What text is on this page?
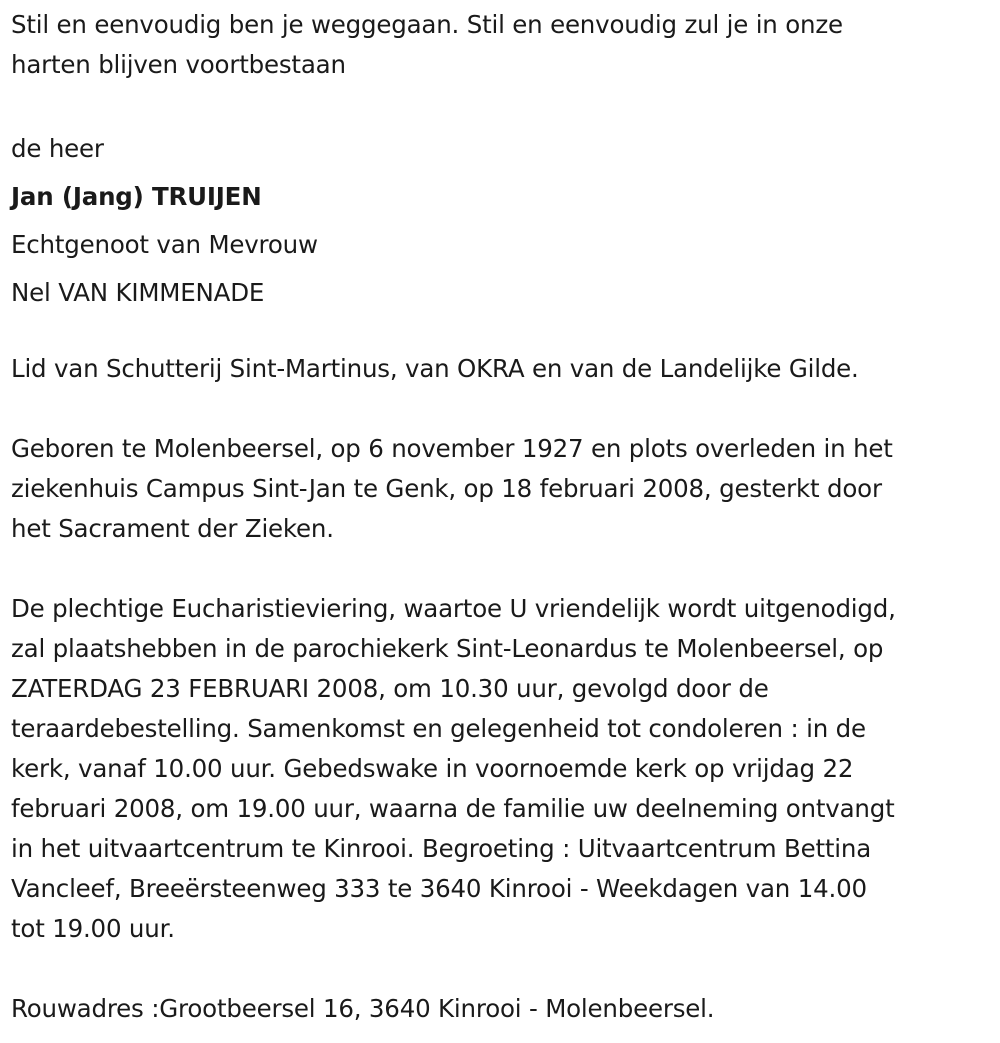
Stil en eenvoudig ben je weggegaan. Stil en eenvoudig zul je in onze

harten blijven voortbestaan

de heer

Jan (Jang) TRUIJEN

Echtgenoot van Mevrouw

Nel VAN KIMMENADE

Lid van Schutterij Sint-Martinus, van OKRA en van de Landelijke Gilde.

Geboren te Molenbeersel, op 6 november 1927 en plots overleden in het

ziekenhuis Campus Sint-Jan te Genk, op 18 februari 2008, gesterkt door

het Sacrament der Zieken.

De plechtige Eucharistieviering, waartoe U vriendelijk wordt uitgenodigd,

zal plaatshebben in de parochiekerk Sint-Leonardus te Molenbeersel, op

ZATERDAG 23 FEBRUARI 2008, om 10.30 uur, gevolgd door de

teraardebestelling. Samenkomst en gelegenheid tot condoleren : in de

kerk, vanaf 10.00 uur. Gebedswake in voornoemde kerk op vrijdag 22

februari 2008, om 19.00 uur, waarna de familie uw deelneming ontvangt

in het uitvaartcentrum te Kinrooi. Begroeting : Uitvaartcentrum Bettina

Vancleef, Breeërsteenweg 333 te 3640 Kinrooi - Weekdagen van 14.00

tot 19.00 uur.

Rouwadres :Grootbeersel 16, 3640 Kinrooi - Molenbeersel.
